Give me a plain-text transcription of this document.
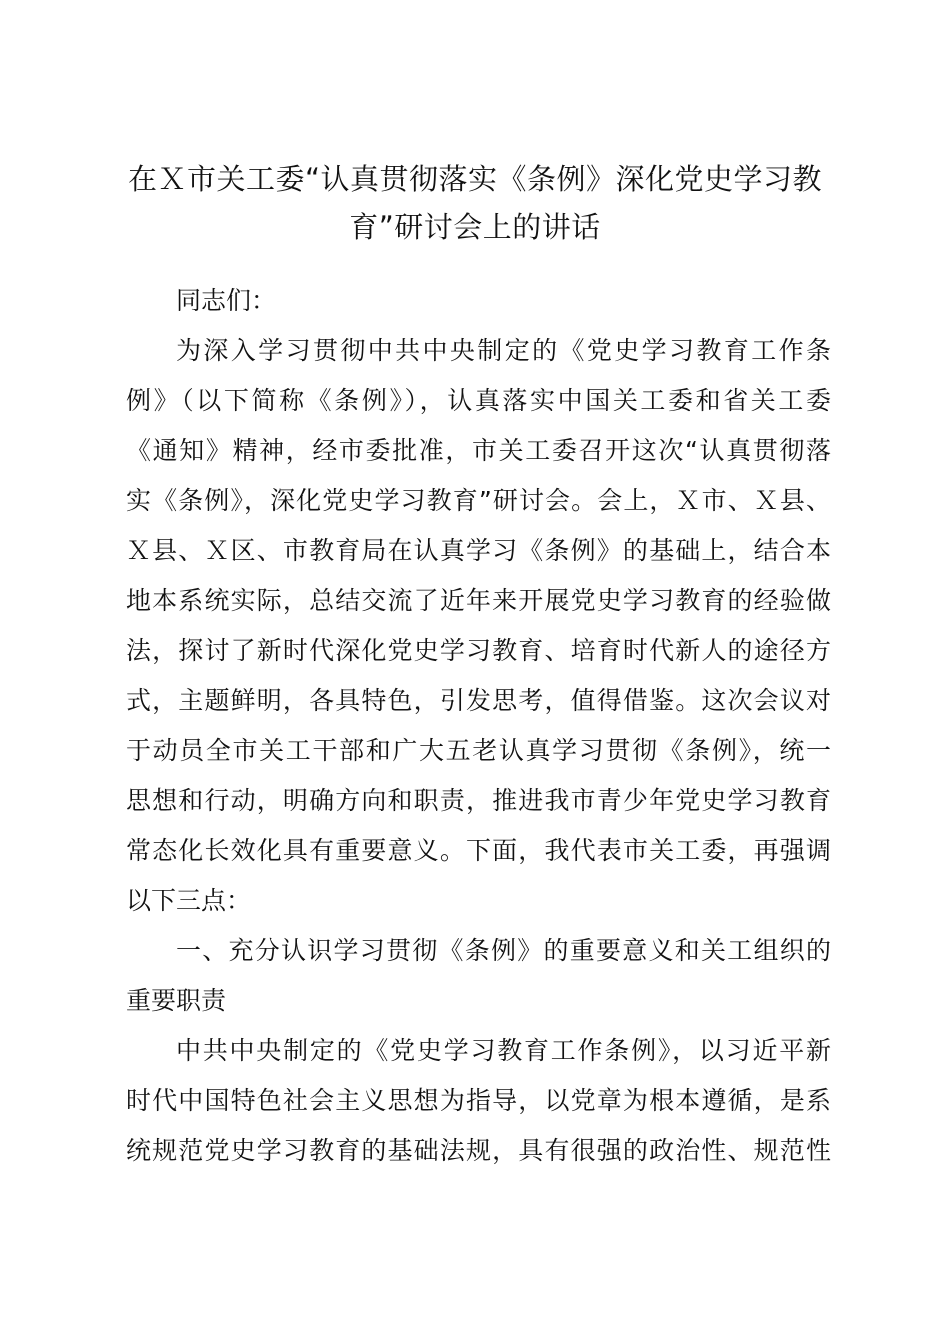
在Ｘ市关工委“认真贯彻落实《条例》深化党史学习教
育”研讨会上的讲话
同志们：
为深入学习贯彻中共中央制定的《党史学习教育工作条
例》（以下简称《条例》），认真落实中国关工委和省关工委
《通知》精神，经市委批准，市关工委召开这次“认真贯彻落
实《条例》，深化党史学习教育”研讨会。会上，Ｘ市、Ｘ县、
Ｘ县、Ｘ区、市教育局在认真学习《条例》的基础上，结合本
地本系统实际，总结交流了近年来开展党史学习教育的经验做
法，探讨了新时代深化党史学习教育、培育时代新人的途径方
式，主题鲜明，各具特色，引发思考，值得借鉴。这次会议对
于动员全市关工干部和广大五老认真学习贯彻《条例》，统一
思想和行动，明确方向和职责，推进我市青少年党史学习教育
常态化长效化具有重要意义。下面，我代表市关工委，再强调
以下三点：
一、充分认识学习贯彻《条例》的重要意义和关工组织的
重要职责
中共中央制定的《党史学习教育工作条例》，以习近平新
时代中国特色社会主义思想为指导，以党章为根本遵循，是系
统规范党史学习教育的基础法规，具有很强的政治性、规范性
